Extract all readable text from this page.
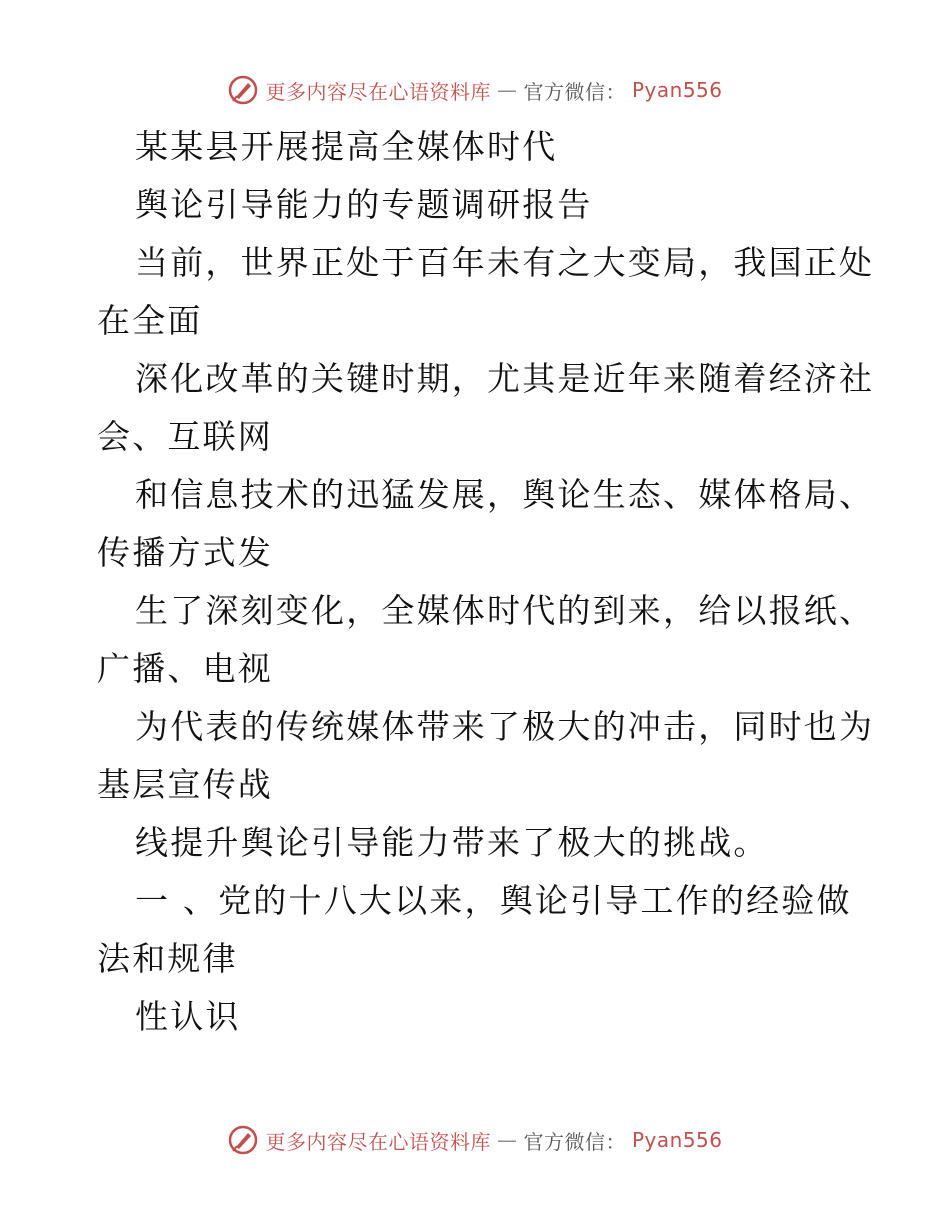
更多内容尽在心语资料库 — 官方微信： Pyan556
某某县开展提高全媒体时代
舆论引导能力的专题调研报告
当前，世界正处于百年未有之大变局，我国正处
在全面
深化改革的关键时期，尤其是近年来随着经济社
会、互联网
和信息技术的迅猛发展，舆论生态、媒体格局、
传播方式发
生了深刻变化，全媒体时代的到来，给以报纸、
广播、电视
为代表的传统媒体带来了极大的冲击，同时也为
基层宣传战
线提升舆论引导能力带来了极大的挑战。
一 、党的十八大以来，舆论引导工作的经验做
法和规律
性认识
更多内容尽在心语资料库 — 官方微信： Pyan556
